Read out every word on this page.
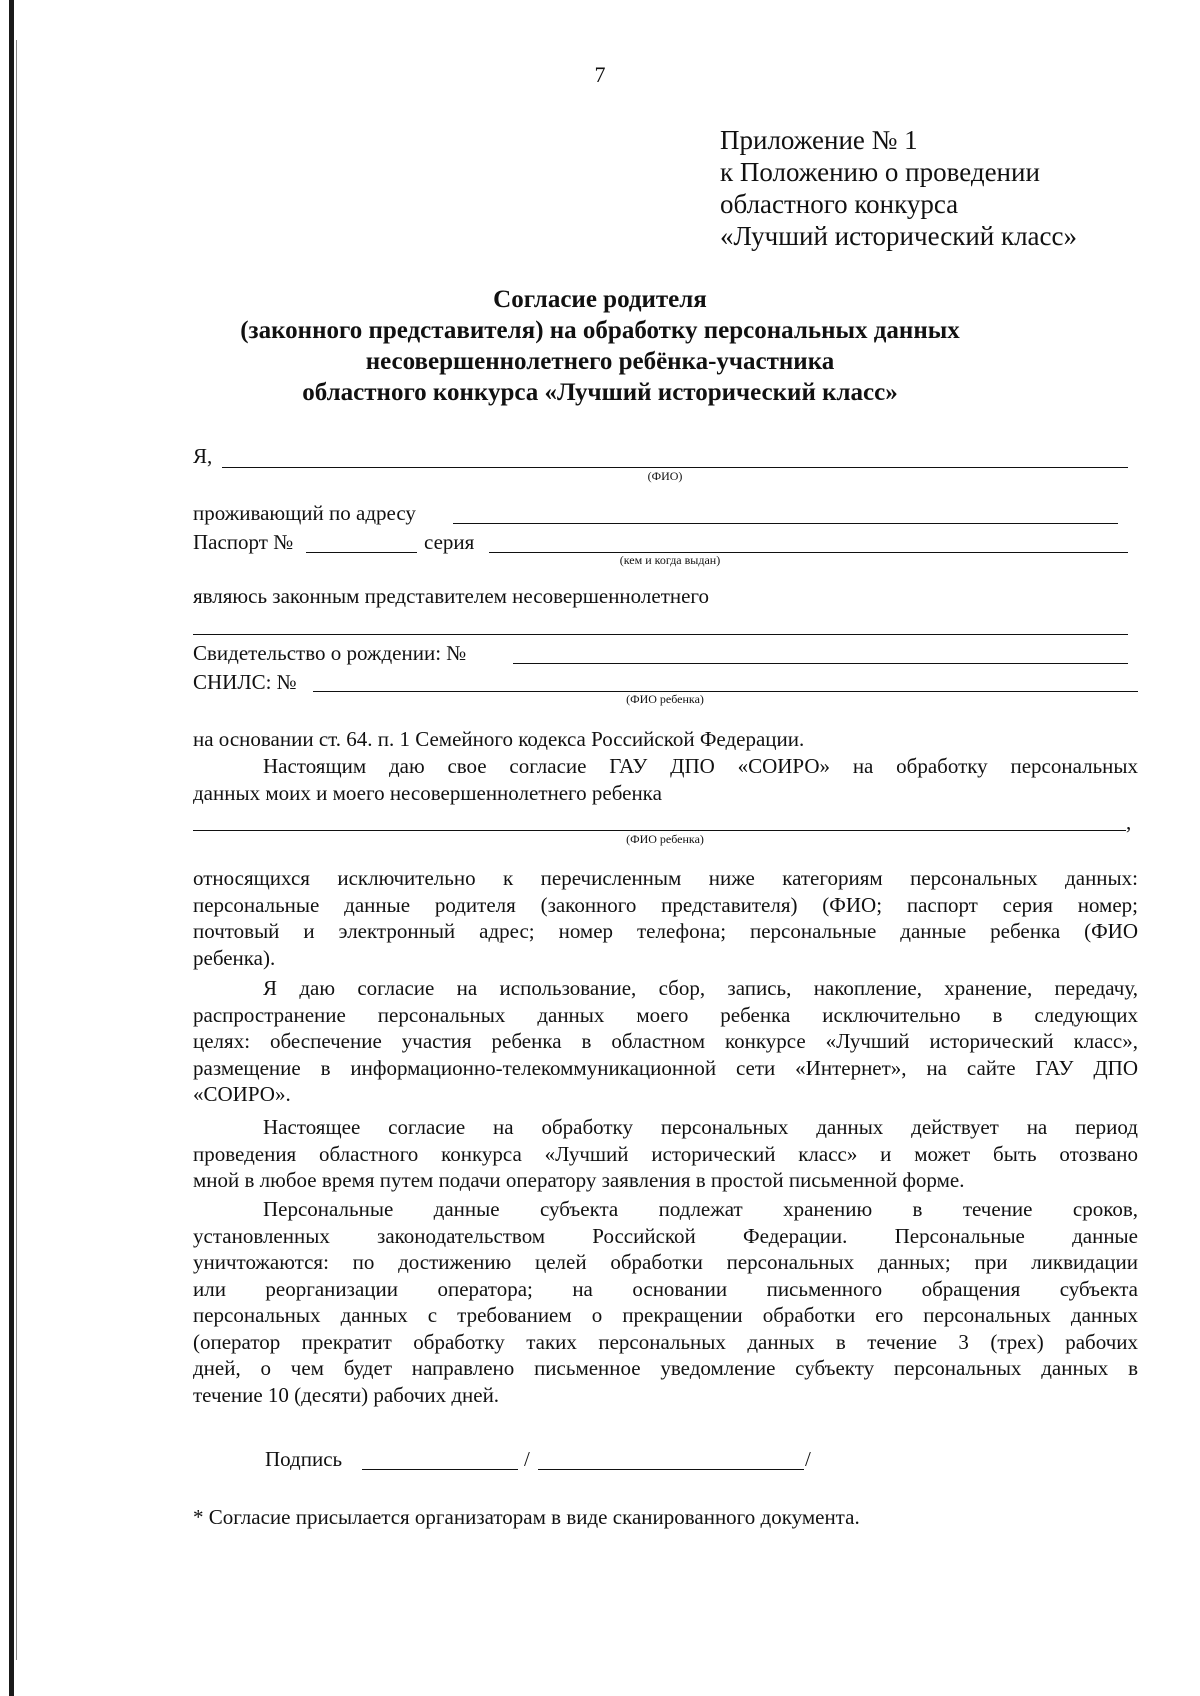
7
Приложение № 1
к Положению о проведении
областного конкурса
«Лучший исторический класс»
Согласие родителя
(законного представителя) на обработку персональных данных
несовершеннолетнего ребёнка-участника
областного конкурса «Лучший исторический класс»
Я,
(ФИО)
проживающий по адресу
Паспорт №	серия
(кем и когда выдан)
являюсь законным представителем несовершеннолетнего
Свидетельство о рождении: №
СНИЛС: №
(ФИО ребенка)
на основании ст. 64. п. 1 Семейного кодекса Российской Федерации.
Настоящим даю свое согласие ГАУ ДПО «СОИРО» на обработку персональных
данных моих и моего несовершеннолетнего ребенка
,
(ФИО ребенка)
относящихся исключительно к перечисленным ниже категориям персональных данных:
персональные данные родителя (законного представителя) (ФИО; паспорт серия номер;
почтовый и электронный адрес; номер телефона; персональные данные ребенка (ФИО
ребенка).
Я даю согласие на использование, сбор, запись, накопление, хранение, передачу,
распространение персональных данных моего ребенка исключительно в следующих
целях: обеспечение участия ребенка в областном конкурсе «Лучший исторический класс»,
размещение в информационно-телекоммуникационной сети «Интернет», на сайте ГАУ ДПО
«СОИРО».
Настоящее согласие на обработку персональных данных действует на период
проведения областного конкурса «Лучший исторический класс» и может быть отозвано
мной в любое время путем подачи оператору заявления в простой письменной форме.
Персональные данные субъекта подлежат хранению в течение сроков,
установленных законодательством Российской Федерации. Персональные данные
уничтожаются: по достижению целей обработки персональных данных; при ликвидации
или реорганизации оператора; на основании письменного обращения субъекта
персональных данных с требованием о прекращении обработки его персональных данных
(оператор прекратит обработку таких персональных данных в течение 3 (трех) рабочих
дней, о чем будет направлено письменное уведомление субъекту персональных данных в
течение 10 (десяти) рабочих дней.
Подпись	/	/
* Согласие присылается организаторам в виде сканированного документа.
